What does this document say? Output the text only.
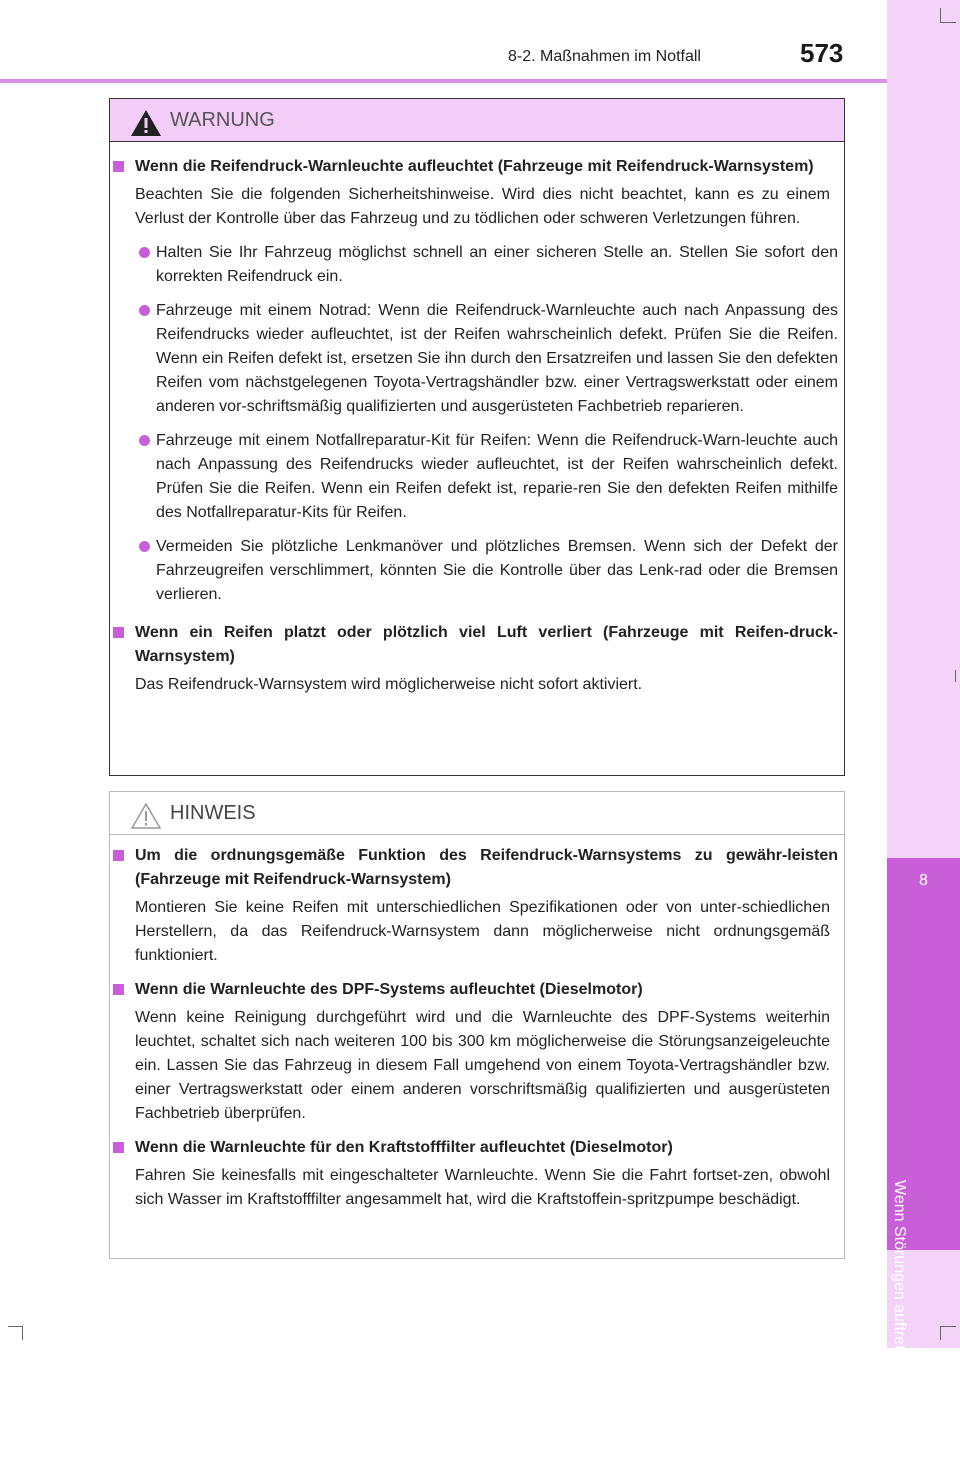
8-2. Maßnahmen im Notfall	573
8
Wenn Störungen auftreten
WARNUNG
Wenn die Reifendruck-Warnleuchte aufleuchtet (Fahrzeuge mit Reifendruck-Warnsystem)
Beachten Sie die folgenden Sicherheitshinweise. Wird dies nicht beachtet, kann es zu einem Verlust der Kontrolle über das Fahrzeug und zu tödlichen oder schweren Verletzungen führen.
Halten Sie Ihr Fahrzeug möglichst schnell an einer sicheren Stelle an. Stellen Sie sofort den korrekten Reifendruck ein.
Fahrzeuge mit einem Notrad: Wenn die Reifendruck-Warnleuchte auch nach Anpassung des Reifendrucks wieder aufleuchtet, ist der Reifen wahrscheinlich defekt. Prüfen Sie die Reifen. Wenn ein Reifen defekt ist, ersetzen Sie ihn durch den Ersatzreifen und lassen Sie den defekten Reifen vom nächstgelegenen Toyota-Vertragshändler bzw. einer Vertragswerkstatt oder einem anderen vor-schriftsmäßig qualifizierten und ausgerüsteten Fachbetrieb reparieren.
Fahrzeuge mit einem Notfallreparatur-Kit für Reifen: Wenn die Reifendruck-Warn-leuchte auch nach Anpassung des Reifendrucks wieder aufleuchtet, ist der Reifen wahrscheinlich defekt. Prüfen Sie die Reifen. Wenn ein Reifen defekt ist, reparie-ren Sie den defekten Reifen mithilfe des Notfallreparatur-Kits für Reifen.
Vermeiden Sie plötzliche Lenkmanöver und plötzliches Bremsen. Wenn sich der Defekt der Fahrzeugreifen verschlimmert, könnten Sie die Kontrolle über das Lenk-rad oder die Bremsen verlieren.
Wenn ein Reifen platzt oder plötzlich viel Luft verliert (Fahrzeuge mit Reifen-druck-Warnsystem)
Das Reifendruck-Warnsystem wird möglicherweise nicht sofort aktiviert.
HINWEIS
Um die ordnungsgemäße Funktion des Reifendruck-Warnsystems zu gewähr-leisten (Fahrzeuge mit Reifendruck-Warnsystem)
Montieren Sie keine Reifen mit unterschiedlichen Spezifikationen oder von unter-schiedlichen Herstellern, da das Reifendruck-Warnsystem dann möglicherweise nicht ordnungsgemäß funktioniert.
Wenn die Warnleuchte des DPF-Systems aufleuchtet (Dieselmotor)
Wenn keine Reinigung durchgeführt wird und die Warnleuchte des DPF-Systems weiterhin leuchtet, schaltet sich nach weiteren 100 bis 300 km möglicherweise die Störungsanzeigeleuchte ein. Lassen Sie das Fahrzeug in diesem Fall umgehend von einem Toyota-Vertragshändler bzw. einer Vertragswerkstatt oder einem anderen vorschriftsmäßig qualifizierten und ausgerüsteten Fachbetrieb überprüfen.
Wenn die Warnleuchte für den Kraftstofffilter aufleuchtet (Dieselmotor)
Fahren Sie keinesfalls mit eingeschalteter Warnleuchte. Wenn Sie die Fahrt fortset-zen, obwohl sich Wasser im Kraftstofffilter angesammelt hat, wird die Kraftstoffein-spritzpumpe beschädigt.
